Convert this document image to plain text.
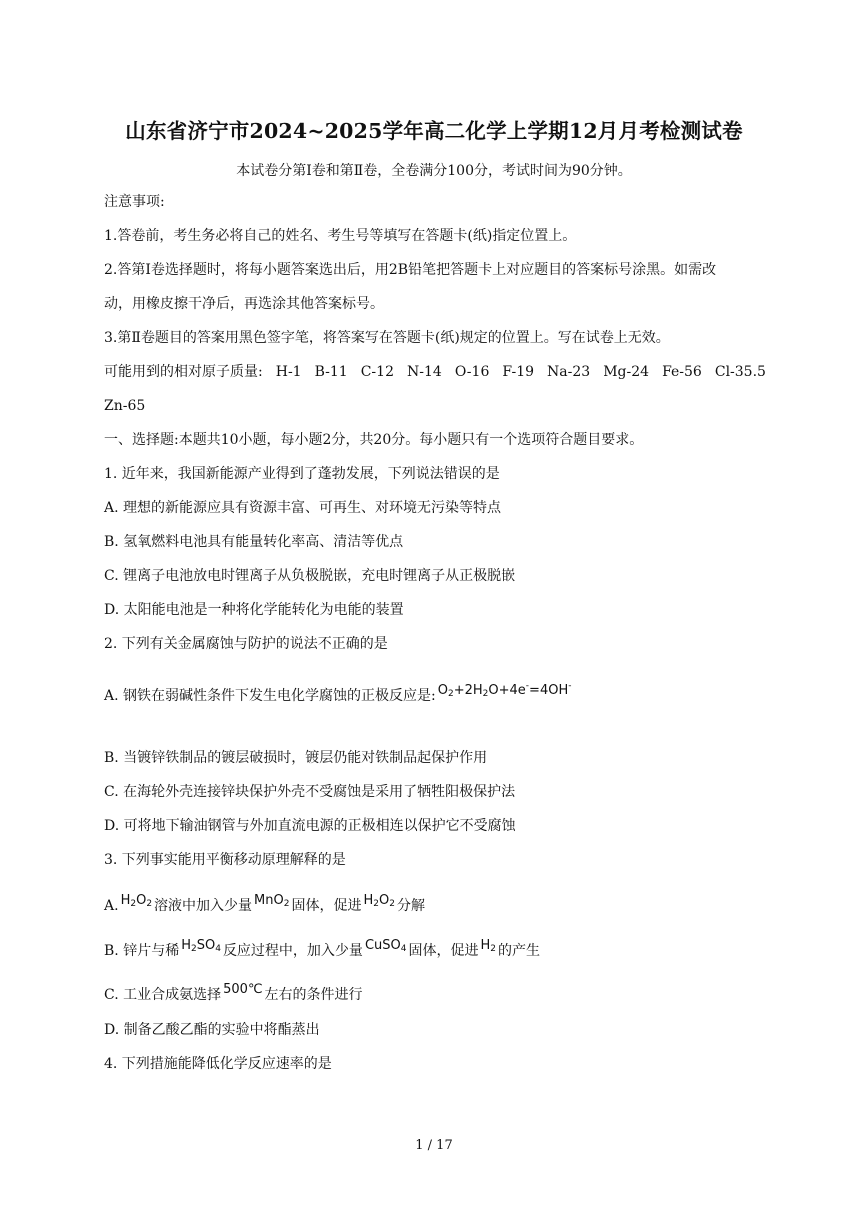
山东省济宁市2024~2025学年高二化学上学期12月月考检测试卷
本试卷分第Ⅰ卷和第Ⅱ卷，全卷满分100分，考试时间为90分钟。
注意事项:
1.答卷前，考生务必将自己的姓名、考生号等填写在答题卡(纸)指定位置上。
2.答第Ⅰ卷选择题时，将每小题答案选出后，用2B铅笔把答题卡上对应题目的答案标号涂黑。如需改
动，用橡皮擦干净后，再选涂其他答案标号。
3.第Ⅱ卷题目的答案用黑色签字笔，将答案写在答题卡(纸)规定的位置上。写在试卷上无效。
可能用到的相对原子质量: H-1 B-11 C-12 N-14 O-16 F-19 Na-23 Mg-24 Fe-56 Cl-35.5
Zn-65
一、选择题:本题共10小题，每小题2分，共20分。每小题只有一个选项符合题目要求。
1. 近年来，我国新能源产业得到了蓬勃发展，下列说法错误的是
A. 理想的新能源应具有资源丰富、可再生、对环境无污染等特点
B. 氢氧燃料电池具有能量转化率高、清洁等优点
C. 锂离子电池放电时锂离子从负极脱嵌，充电时锂离子从正极脱嵌
D. 太阳能电池是一种将化学能转化为电能的装置
2. 下列有关金属腐蚀与防护的说法不正确的是
A. 钢铁在弱碱性条件下发生电化学腐蚀的正极反应是: $O_2+2H_2O+4e^-=4OH^-$
B. 当镀锌铁制品的镀层破损时，镀层仍能对铁制品起保护作用
C. 在海轮外壳连接锌块保护外壳不受腐蚀是采用了牺牲阳极保护法
D. 可将地下输油钢管与外加直流电源的正极相连以保护它不受腐蚀
3. 下列事实能用平衡移动原理解释的是
A. $H_2O_2$ 溶液中加入少量 MnO$_2$ 固体，促进 $H_2O_2$ 分解
B. 锌片与稀 $H_2SO_4$ 反应过程中，加入少量 CuSO$_4$ 固体，促进 $H_2$ 的产生
C. 工业合成氨选择 500℃ 左右的条件进行
D. 制备乙酸乙酯的实验中将酯蒸出
4. 下列措施能降低化学反应速率的是
1 / 17
